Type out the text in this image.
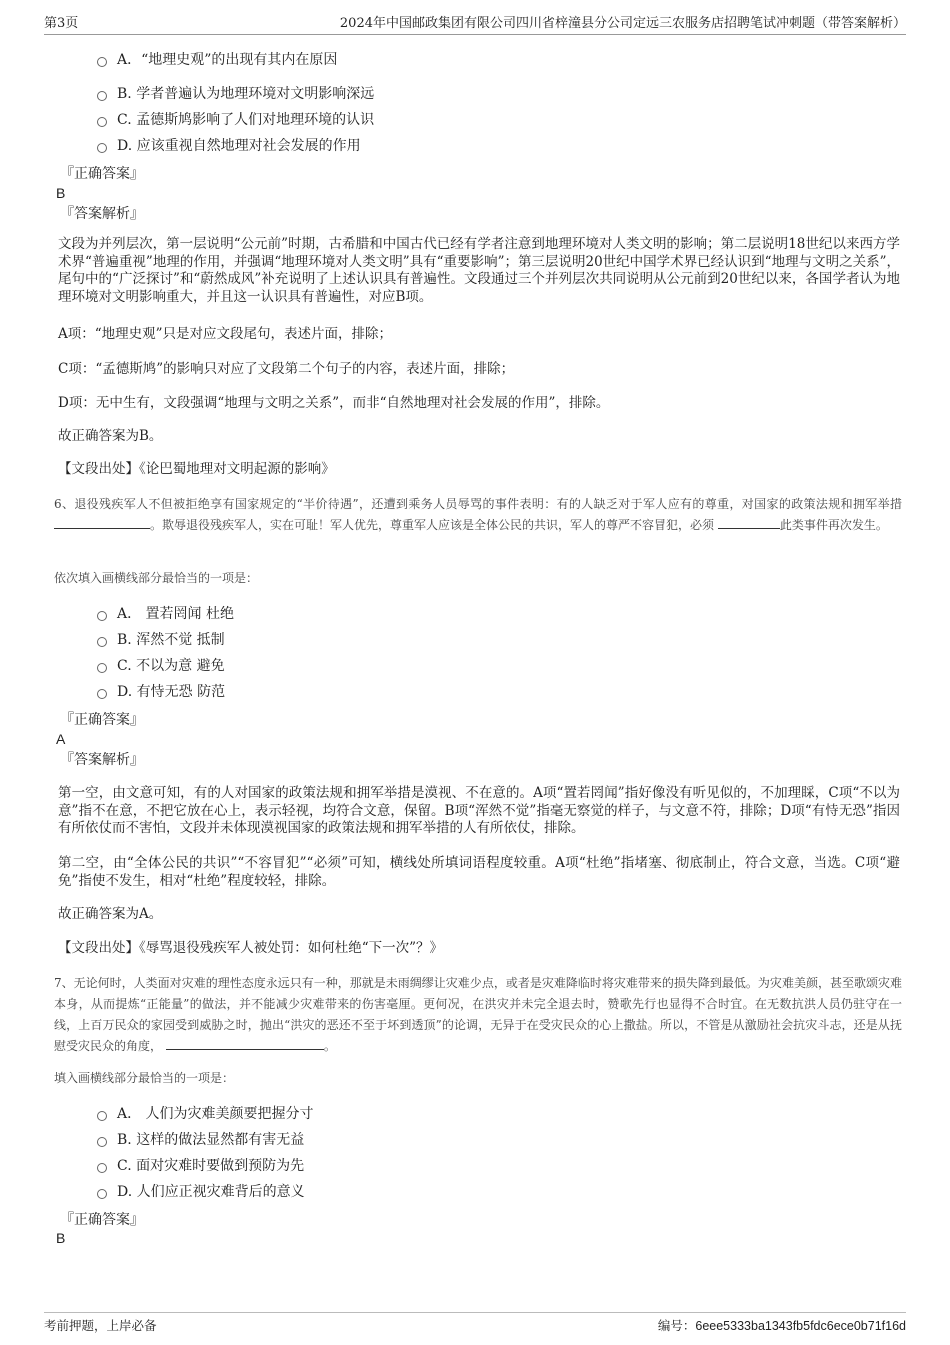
第3页	2024年中国邮政集团有限公司四川省梓潼县分公司定远三农服务店招聘笔试冲刺题（带答案解析）
A．“地理史观”的出现有其内在原因
B. 学者普遍认为地理环境对文明影响深远
C. 孟德斯鸠影响了人们对地理环境的认识
D. 应该重视自然地理对社会发展的作用
『正确答案』
B
『答案解析』
文段为并列层次，第一层说明“公元前”时期，古希腊和中国古代已经有学者注意到地理环境对人类文明的影响；第二层说明18世纪以来西方学术界“普遍重视”地理的作用，并强调“地理环境对人类文明”具有“重要影响”；第三层说明20世纪中国学术界已经认识到“地理与文明之关系”，尾句中的“广泛探讨”和“蔚然成风”补充说明了上述认识具有普遍性。文段通过三个并列层次共同说明从公元前到20世纪以来，各国学者认为地理环境对文明影响重大，并且这一认识具有普遍性，对应B项。
A项：“地理史观”只是对应文段尾句，表述片面，排除；
C项：“孟德斯鸠”的影响只对应了文段第二个句子的内容，表述片面，排除；
D项：无中生有，文段强调“地理与文明之关系”，而非“自然地理对社会发展的作用”，排除。
故正确答案为B。
【文段出处】《论巴蜀地理对文明起源的影响》
6、退役残疾军人不但被拒绝享有国家规定的“半价待遇”，还遭到乘务人员辱骂的事件表明：有的人缺乏对于军人应有的尊重，对国家的政策法规和拥军举措 。欺辱退役残疾军人，实在可耻！军人优先，尊重军人应该是全体公民的共识，军人的尊严不容冒犯，必须	此类事件再次发生。
依次填入画横线部分最恰当的一项是：
A． 置若罔闻 杜绝
B. 浑然不觉 抵制
C. 不以为意 避免
D. 有恃无恐 防范
『正确答案』
A
『答案解析』
第一空，由文意可知，有的人对国家的政策法规和拥军举措是漠视、不在意的。A项“置若罔闻”指好像没有听见似的，不加理睬，C项“不以为意”指不在意，不把它放在心上，表示轻视，均符合文意，保留。B项“浑然不觉”指毫无察觉的样子，与文意不符，排除；D项“有恃无恐”指因有所依仗而不害怕，文段并未体现漠视国家的政策法规和拥军举措的人有所依仗，排除。
第二空，由“全体公民的共识”“不容冒犯”“必须”可知，横线处所填词语程度较重。A项“杜绝”指堵塞、彻底制止，符合文意，当选。C项“避免”指使不发生，相对“杜绝”程度较轻，排除。
故正确答案为A。
【文段出处】《辱骂退役残疾军人被处罚：如何杜绝“下一次”？》
7、无论何时，人类面对灾难的理性态度永远只有一种，那就是未雨绸缪让灾难少点，或者是灾难降临时将灾难带来的损失降到最低。为灾难美颜，甚至歌颂灾难本身，从而提炼“正能量”的做法，并不能减少灾难带来的伤害毫厘。更何况，在洪灾并未完全退去时，赞歌先行也显得不合时宜。在无数抗洪人员仍驻守在一线，上百万民众的家园受到威胁之时，抛出“洪灾的恶还不至于坏到透顶”的论调，无异于在受灾民众的心上撒盐。所以，不管是从激励社会抗灾斗志，还是从抚慰受灾民众的角度，	。
填入画横线部分最恰当的一项是：
A． 人们为灾难美颜要把握分寸
B. 这样的做法显然都有害无益
C. 面对灾难时要做到预防为先
D. 人们应正视灾难背后的意义
『正确答案』
B
考前押题，上岸必备	编号：6eee5333ba1343fb5fdc6ece0b71f16d
